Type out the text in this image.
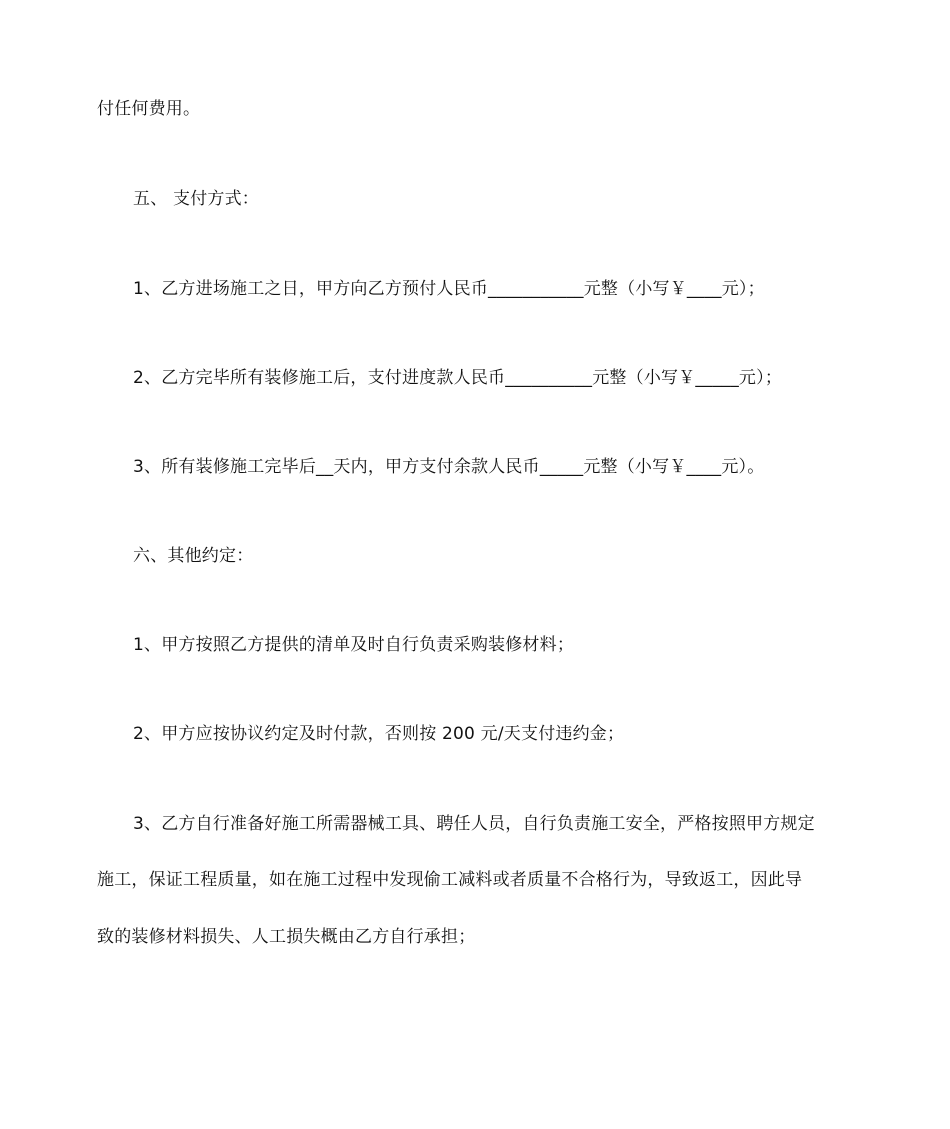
付任何费用。
五、 支付方式：
1、乙方进场施工之日，甲方向乙方预付人民币___________元整（小写￥____元）；
2、乙方完毕所有装修施工后，支付进度款人民币__________元整（小写￥_____元）；
3、所有装修施工完毕后__天内，甲方支付余款人民币_____元整（小写￥____元）。
六、其他约定：
1、甲方按照乙方提供的清单及时自行负责采购装修材料；
2、甲方应按协议约定及时付款，否则按 200 元/天支付违约金；
3、乙方自行准备好施工所需器械工具、聘任人员，自行负责施工安全，严格按照甲方规定
施工，保证工程质量，如在施工过程中发现偷工减料或者质量不合格行为，导致返工，因此导
致的装修材料损失、人工损失概由乙方自行承担；
